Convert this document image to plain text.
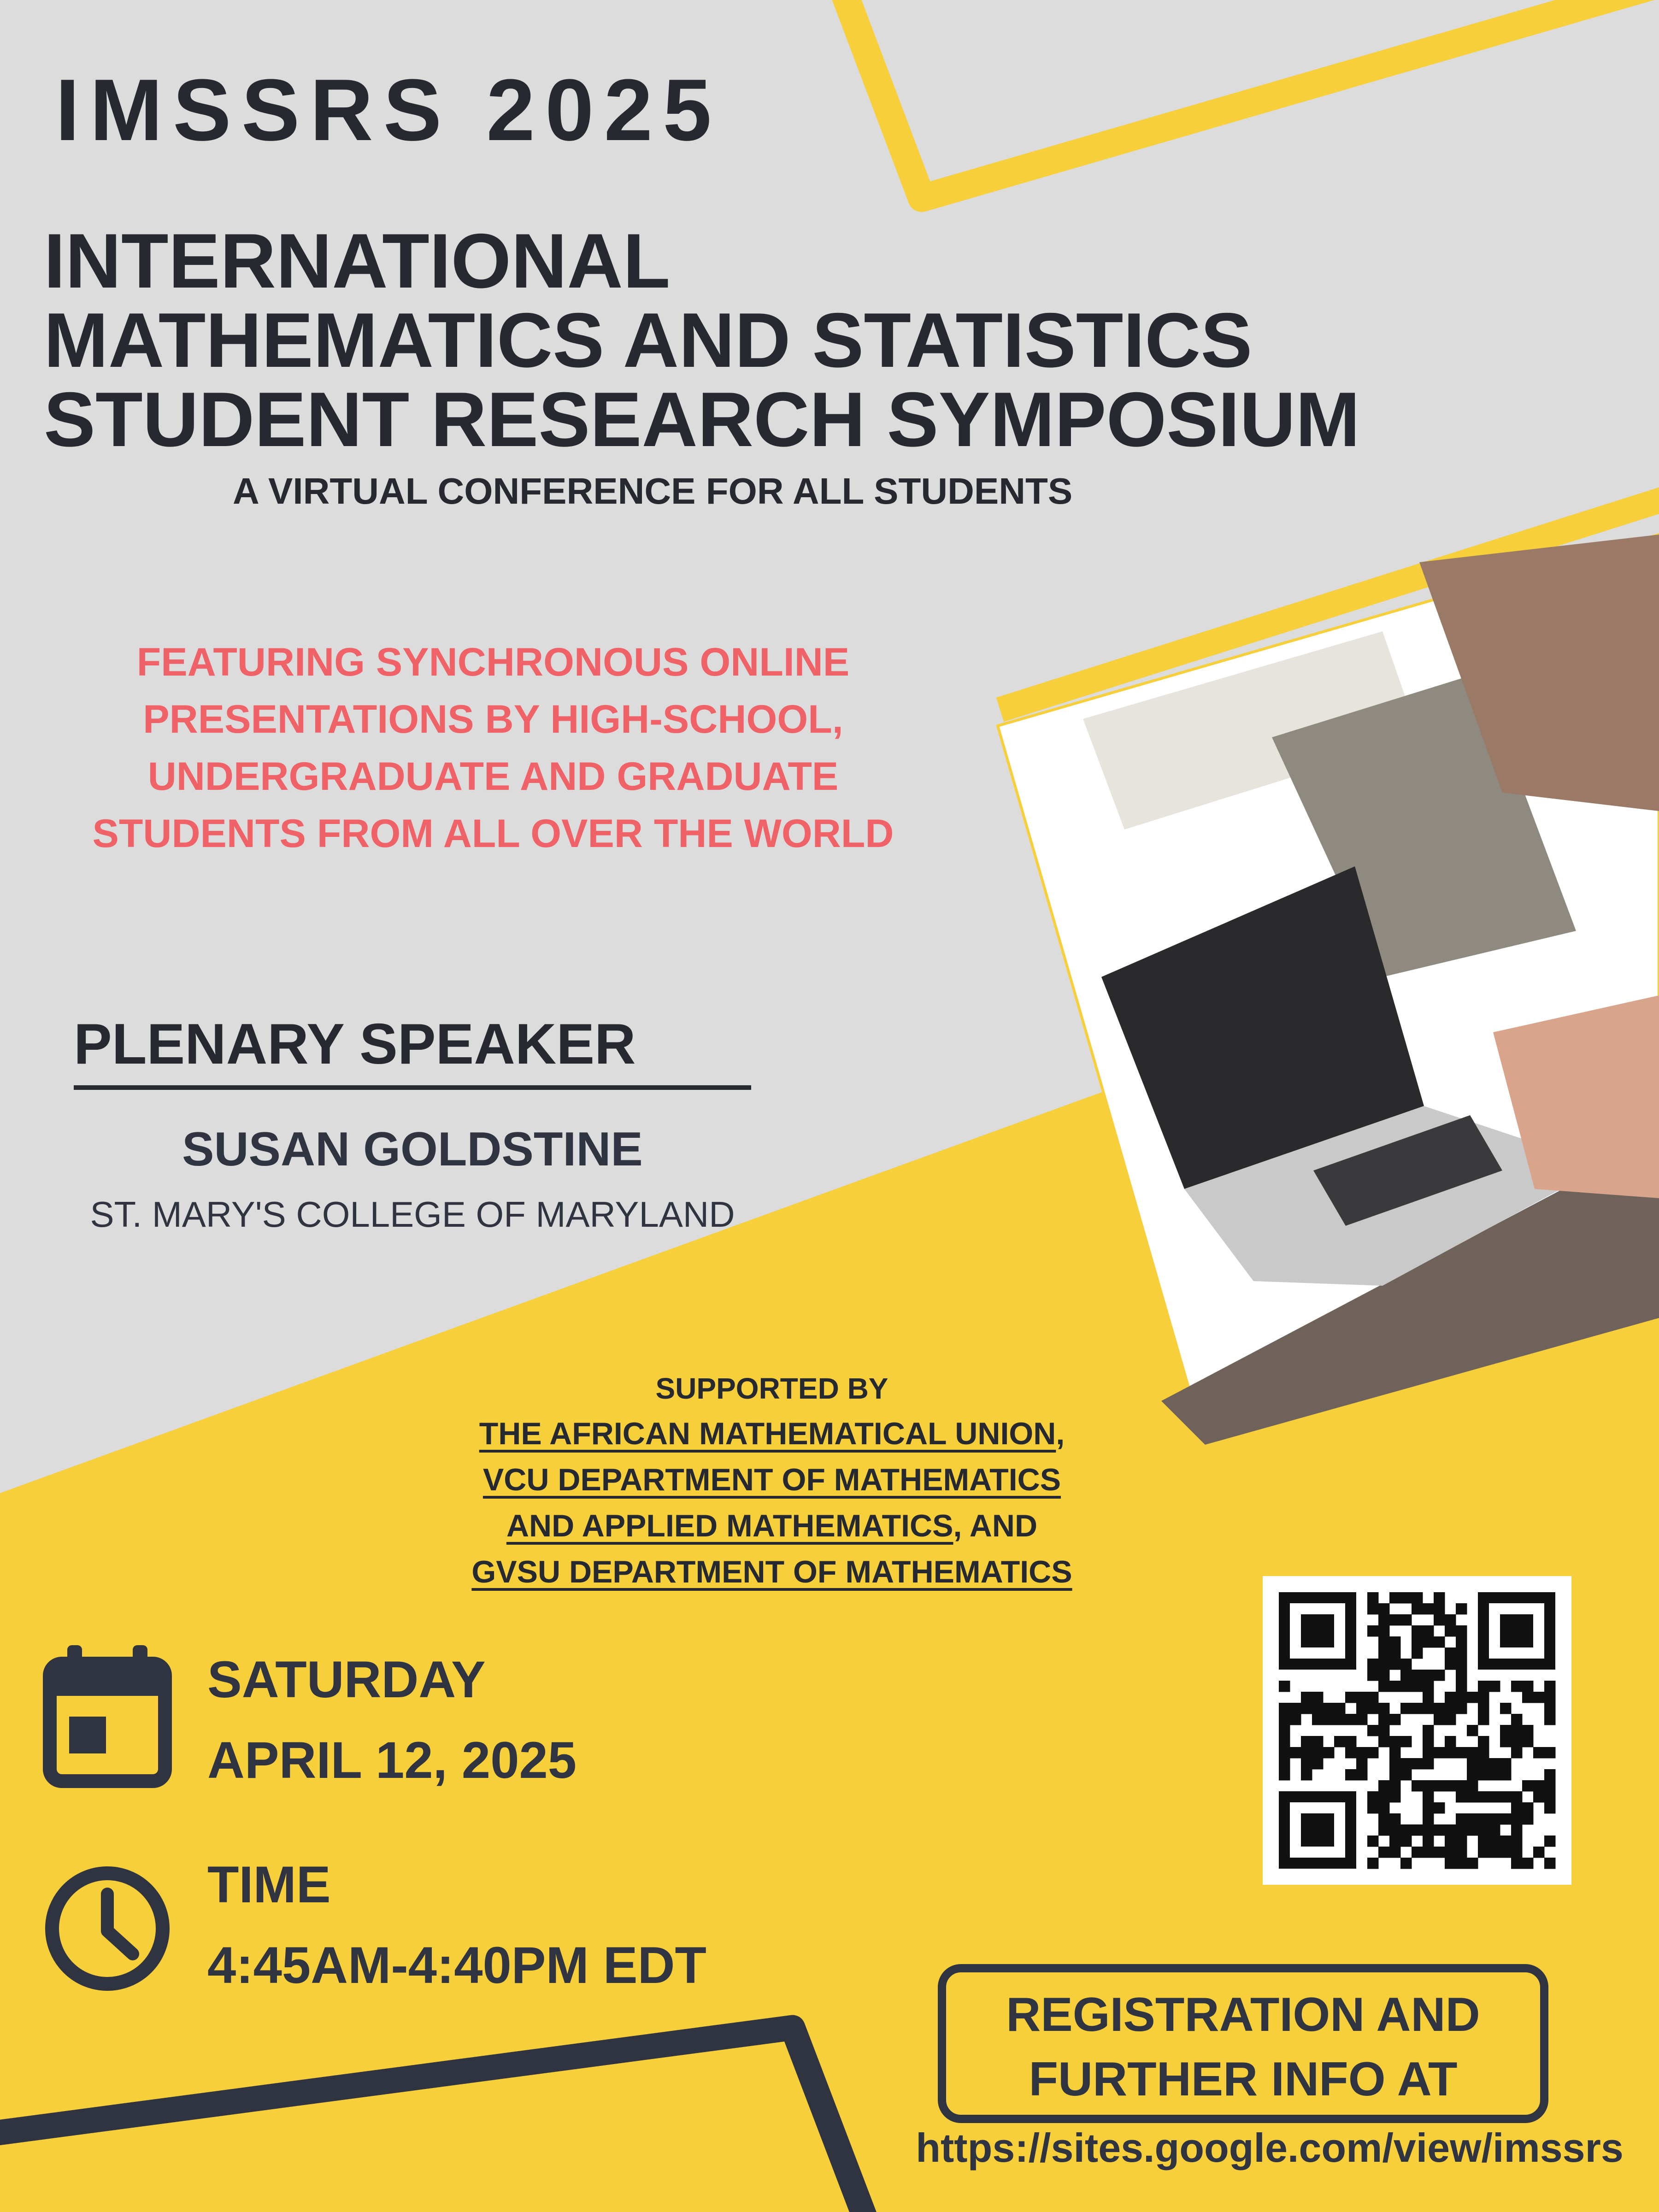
IMSSRS 2025
INTERNATIONAL
MATHEMATICS AND STATISTICS
STUDENT RESEARCH SYMPOSIUM
A VIRTUAL CONFERENCE FOR ALL STUDENTS
FEATURING SYNCHRONOUS ONLINE
PRESENTATIONS BY HIGH-SCHOOL,
UNDERGRADUATE AND GRADUATE
STUDENTS FROM ALL OVER THE WORLD
PLENARY SPEAKER
SUSAN GOLDSTINE
ST. MARY'S COLLEGE OF MARYLAND
SUPPORTED BY
THE AFRICAN MATHEMATICAL UNION,
VCU DEPARTMENT OF MATHEMATICS
AND APPLIED MATHEMATICS, AND
GVSU DEPARTMENT OF MATHEMATICS
SATURDAY
APRIL 12, 2025
TIME
4:45AM-4:40PM EDT
REGISTRATION AND
FURTHER INFO AT
https://sites.google.com/view/imssrs
